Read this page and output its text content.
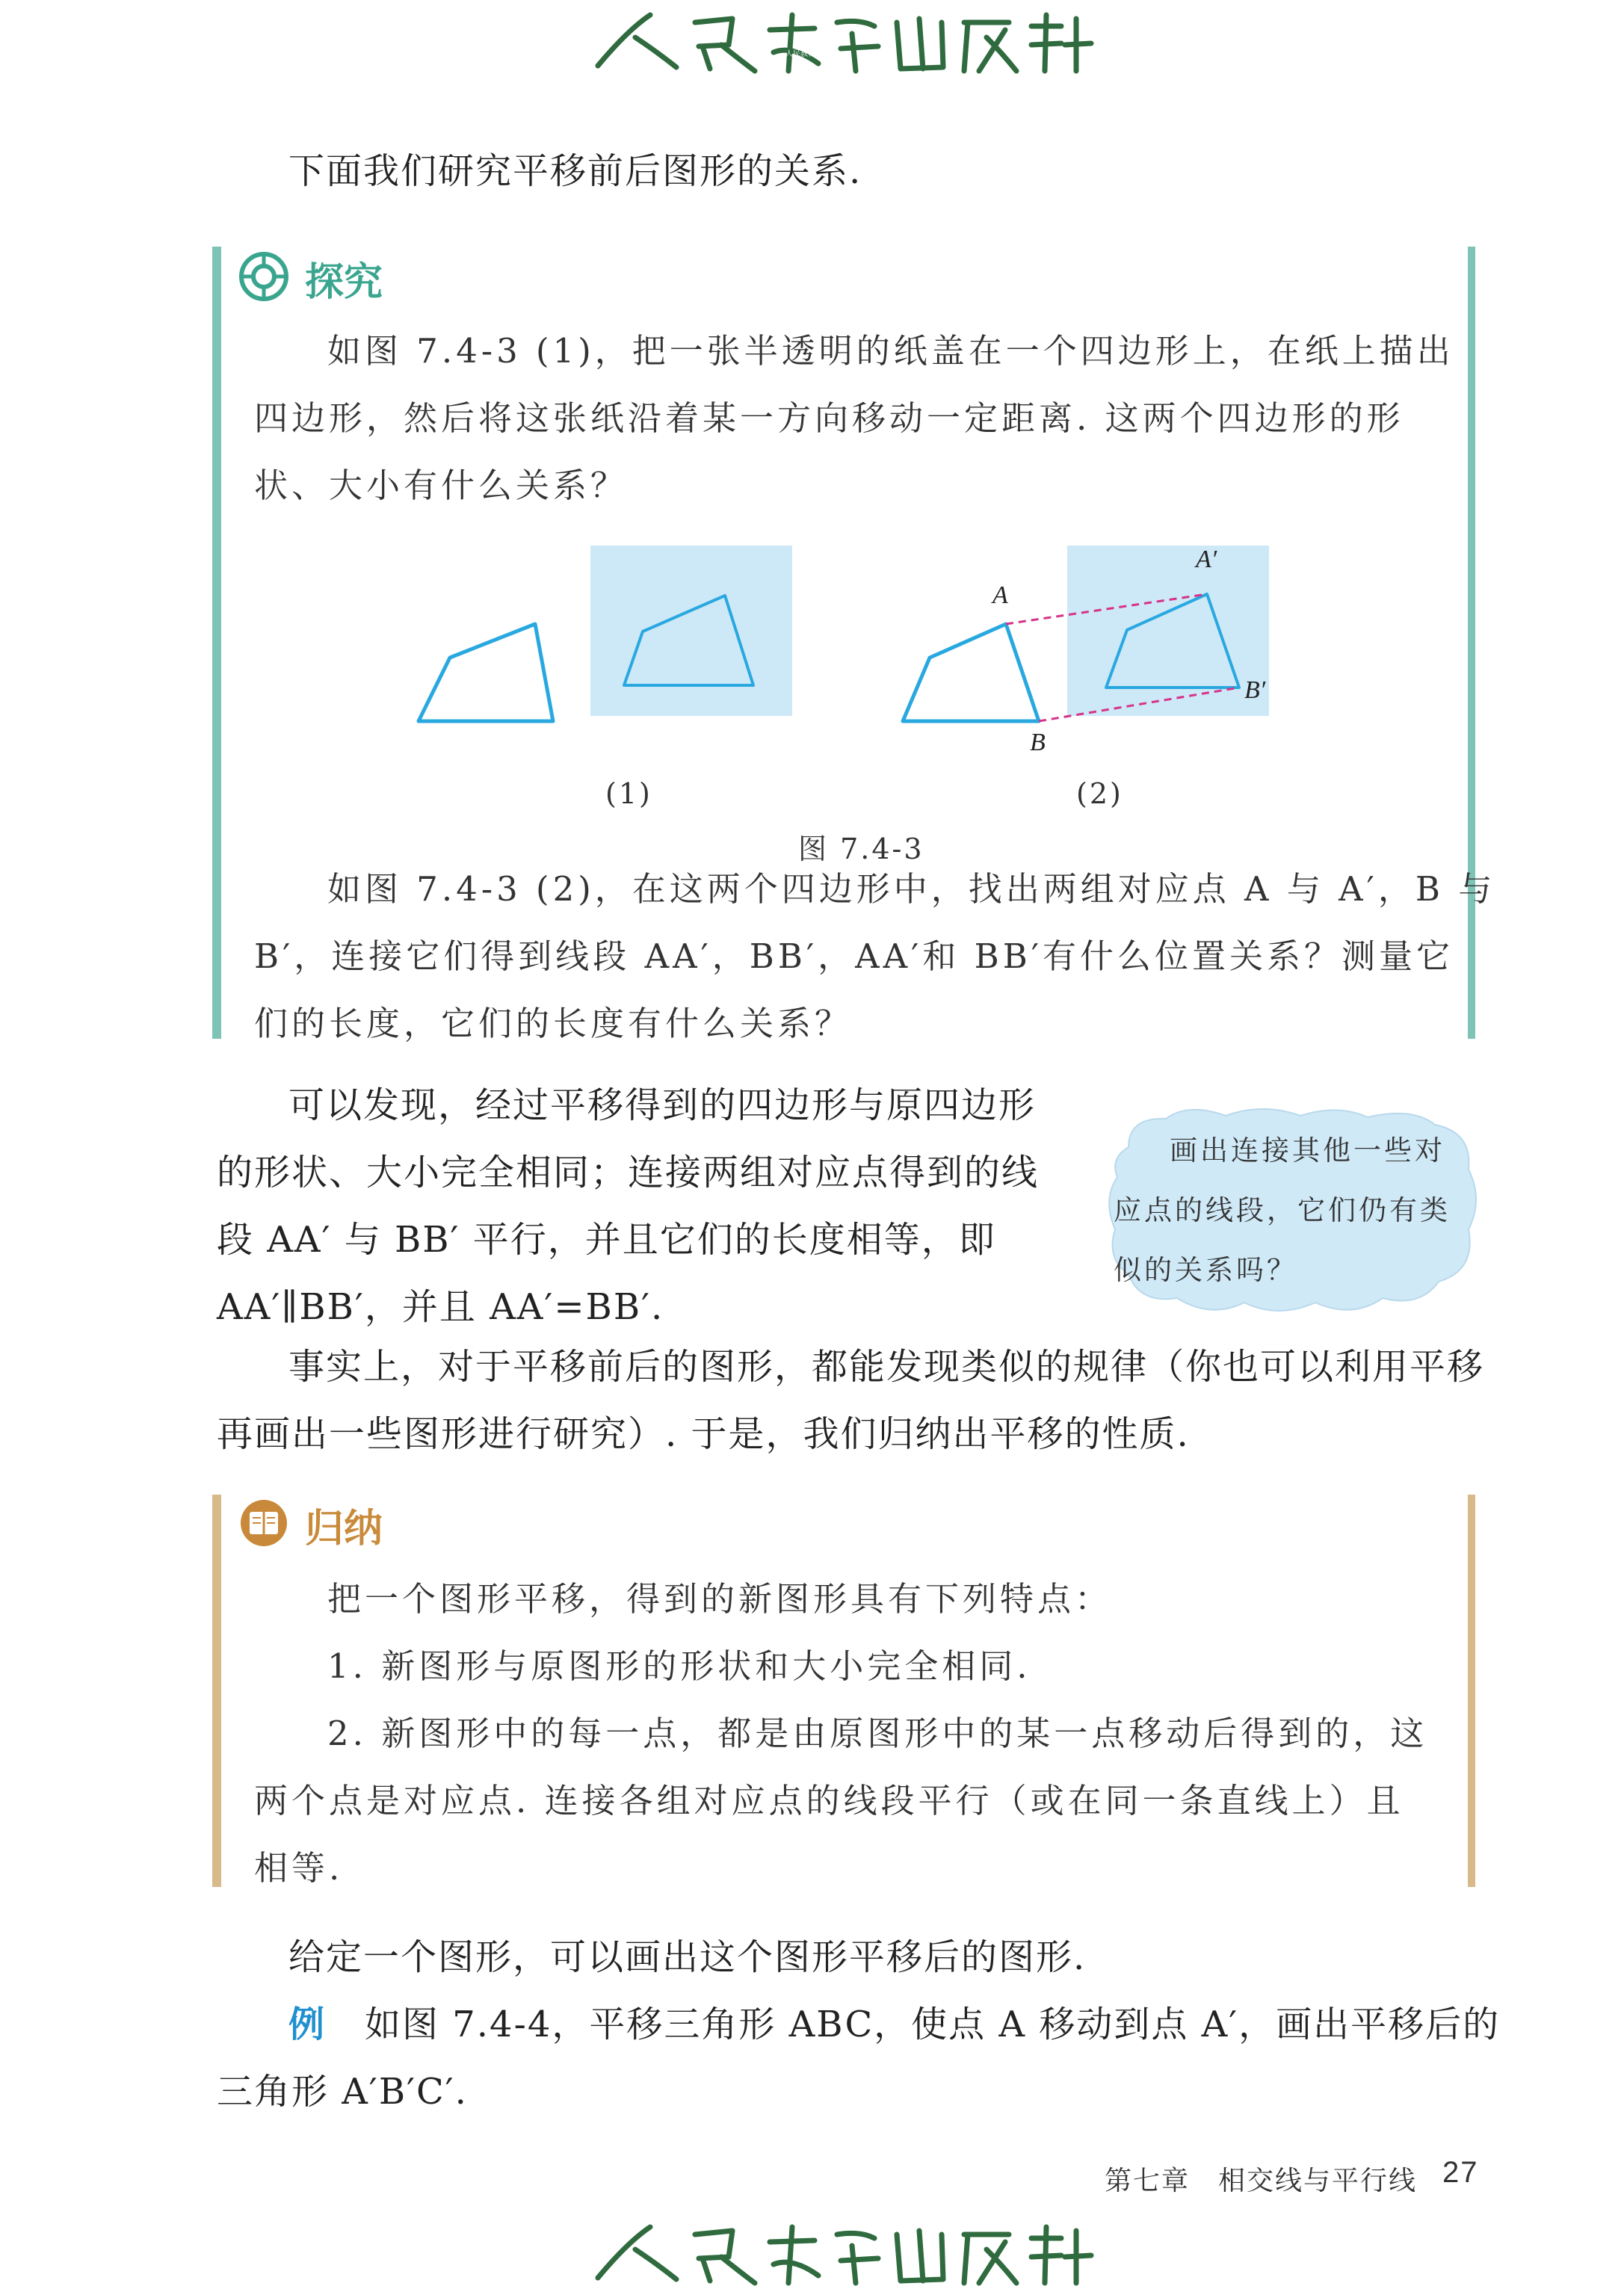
人民教育出版社
下面我们研究平移前后图形的关系.
探究
如图 7.4-3 (1)，把一张半透明的纸盖在一个四边形上，在纸上描出
四边形，然后将这张纸沿着某一方向移动一定距离. 这两个四边形的形
状、大小有什么关系？
A
B
A′
B′
(1)	(2)
图 7.4-3
如图 7.4-3 (2)，在这两个四边形中，找出两组对应点 A 与 A′，B 与
B′，连接它们得到线段 AA′，BB′，AA′和 BB′有什么位置关系？测量它
们的长度，它们的长度有什么关系？
可以发现，经过平移得到的四边形与原四边形
的形状、大小完全相同；连接两组对应点得到的线
段 AA′ 与 BB′ 平行，并且它们的长度相等，即
AA′∥BB′，并且 AA′=BB′.
画出连接其他一些对
应点的线段，它们仍有类
似的关系吗？
事实上，对于平移前后的图形，都能发现类似的规律（你也可以利用平移
再画出一些图形进行研究）. 于是，我们归纳出平移的性质.
归纳
把一个图形平移，得到的新图形具有下列特点：
1. 新图形与原图形的形状和大小完全相同.
2. 新图形中的每一点，都是由原图形中的某一点移动后得到的，这
两个点是对应点. 连接各组对应点的线段平行（或在同一条直线上）且
相等.
给定一个图形，可以画出这个图形平移后的图形.
例 如图 7.4-4，平移三角形 ABC，使点 A 移动到点 A′，画出平移后的
三角形 A′B′C′.
第七章　相交线与平行线 27
